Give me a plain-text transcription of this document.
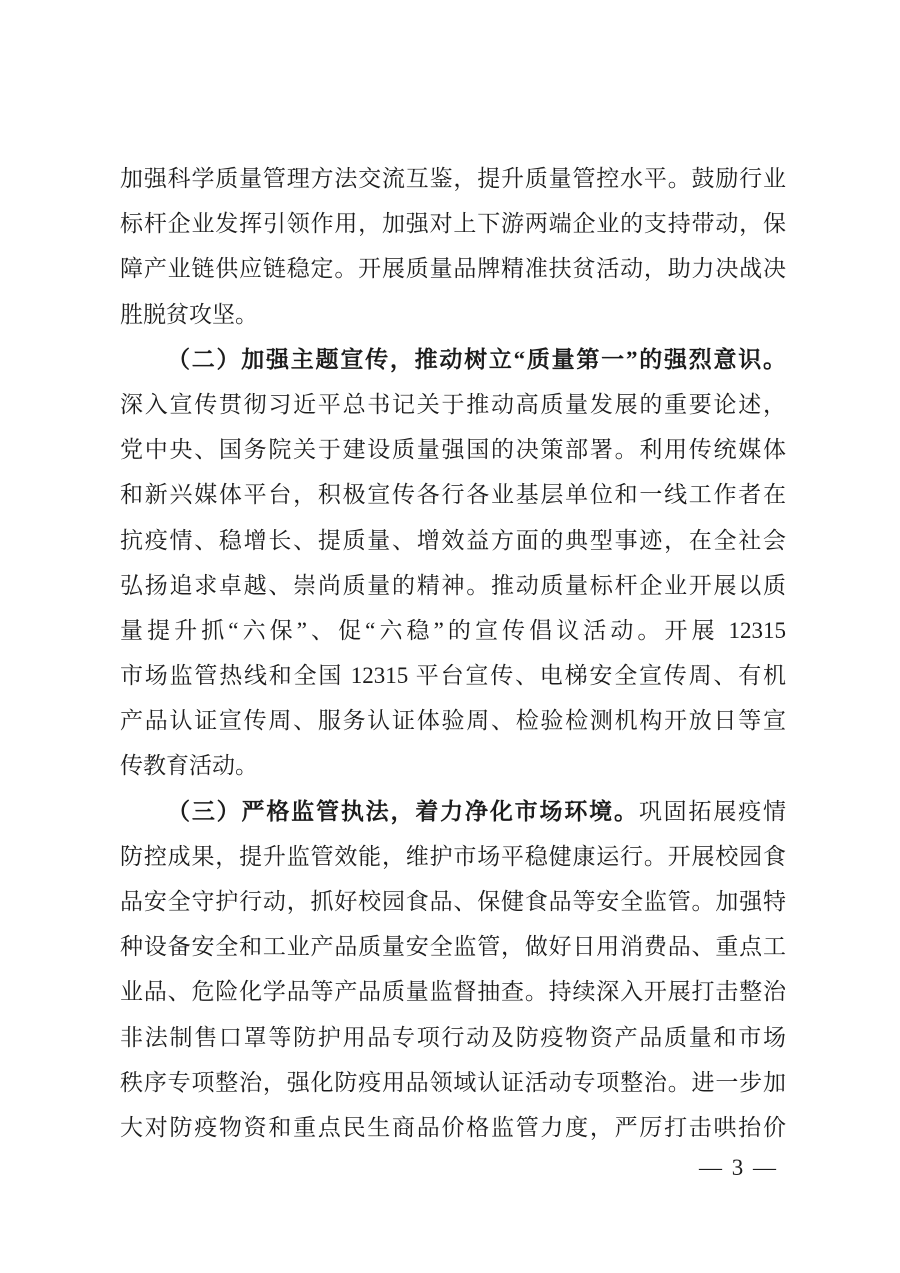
加强科学质量管理方法交流互鉴，提升质量管控水平。鼓励行业
标杆企业发挥引领作用，加强对上下游两端企业的支持带动，保
障产业链供应链稳定。开展质量品牌精准扶贫活动，助力决战决
胜脱贫攻坚。
（二）加强主题宣传，推动树立“质量第一”的强烈意识。
深入宣传贯彻习近平总书记关于推动高质量发展的重要论述，
党中央、国务院关于建设质量强国的决策部署。利用传统媒体
和新兴媒体平台，积极宣传各行各业基层单位和一线工作者在
抗疫情、稳增长、提质量、增效益方面的典型事迹，在全社会
弘扬追求卓越、崇尚质量的精神。推动质量标杆企业开展以质
量提升抓“六保”、促“六稳”的宣传倡议活动。开展 12315
市场监管热线和全国 12315 平台宣传、电梯安全宣传周、有机
产品认证宣传周、服务认证体验周、检验检测机构开放日等宣
传教育活动。
（三）严格监管执法，着力净化市场环境。巩固拓展疫情
防控成果，提升监管效能，维护市场平稳健康运行。开展校园食
品安全守护行动，抓好校园食品、保健食品等安全监管。加强特
种设备安全和工业产品质量安全监管，做好日用消费品、重点工
业品、危险化学品等产品质量监督抽查。持续深入开展打击整治
非法制售口罩等防护用品专项行动及防疫物资产品质量和市场
秩序专项整治，强化防疫用品领域认证活动专项整治。进一步加
大对防疫物资和重点民生商品价格监管力度，严厉打击哄抬价
— 3 —
